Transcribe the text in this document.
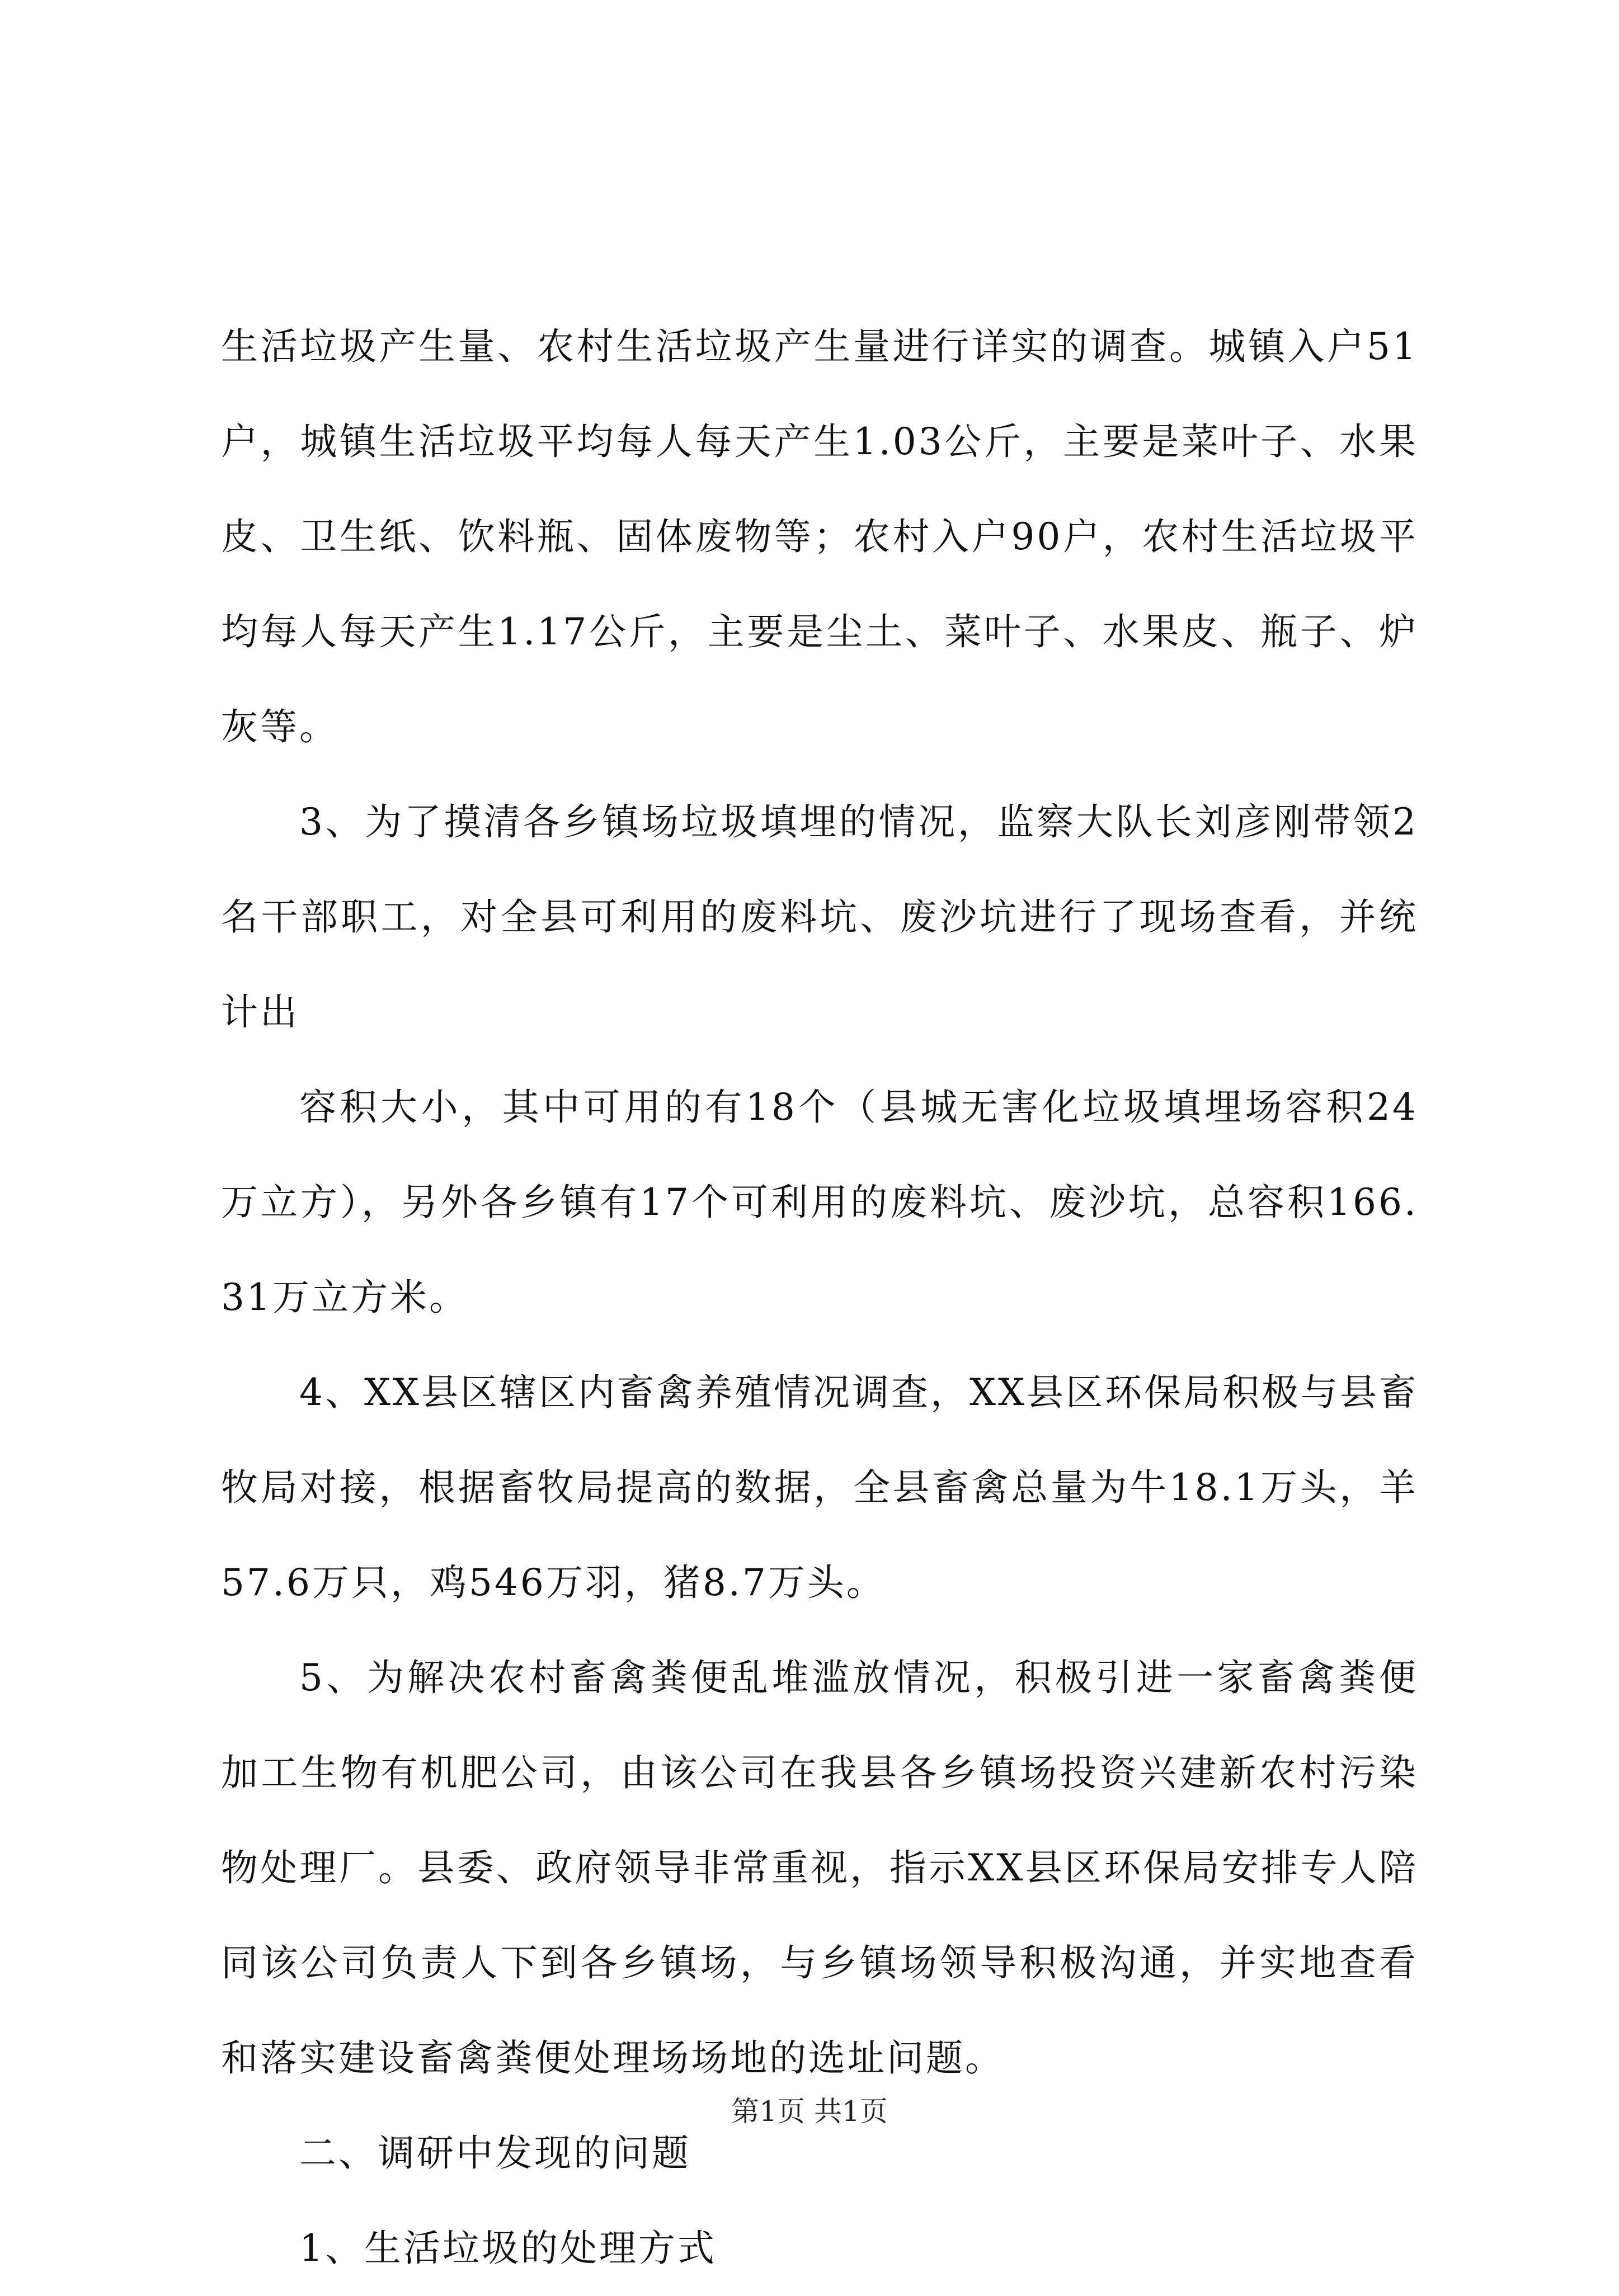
生活垃圾产生量、农村生活垃圾产生量进行详实的调查。城镇入户51户，城镇生活垃圾平均每人每天产生1.03公斤，主要是菜叶子、水果皮、卫生纸、饮料瓶、固体废物等；农村入户90户，农村生活垃圾平均每人每天产生1.17公斤，主要是尘土、菜叶子、水果皮、瓶子、炉灰等。

3、为了摸清各乡镇场垃圾填埋的情况，监察大队长刘彦刚带领2名干部职工，对全县可利用的废料坑、废沙坑进行了现场查看，并统计出

容积大小，其中可用的有18个（县城无害化垃圾填埋场容积24万立方），另外各乡镇有17个可利用的废料坑、废沙坑，总容积166.31万立方米。

4、XX县区辖区内畜禽养殖情况调查，XX县区环保局积极与县畜牧局对接，根据畜牧局提高的数据，全县畜禽总量为牛18.1万头，羊57.6万只，鸡546万羽，猪8.7万头。

5、为解决农村畜禽粪便乱堆滥放情况，积极引进一家畜禽粪便加工生物有机肥公司，由该公司在我县各乡镇场投资兴建新农村污染物处理厂。县委、政府领导非常重视，指示XX县区环保局安排专人陪同该公司负责人下到各乡镇场，与乡镇场领导积极沟通，并实地查看和落实建设畜禽粪便处理场场地的选址问题。

二、调研中发现的问题

1、生活垃圾的处理方式

第1页 共1页
